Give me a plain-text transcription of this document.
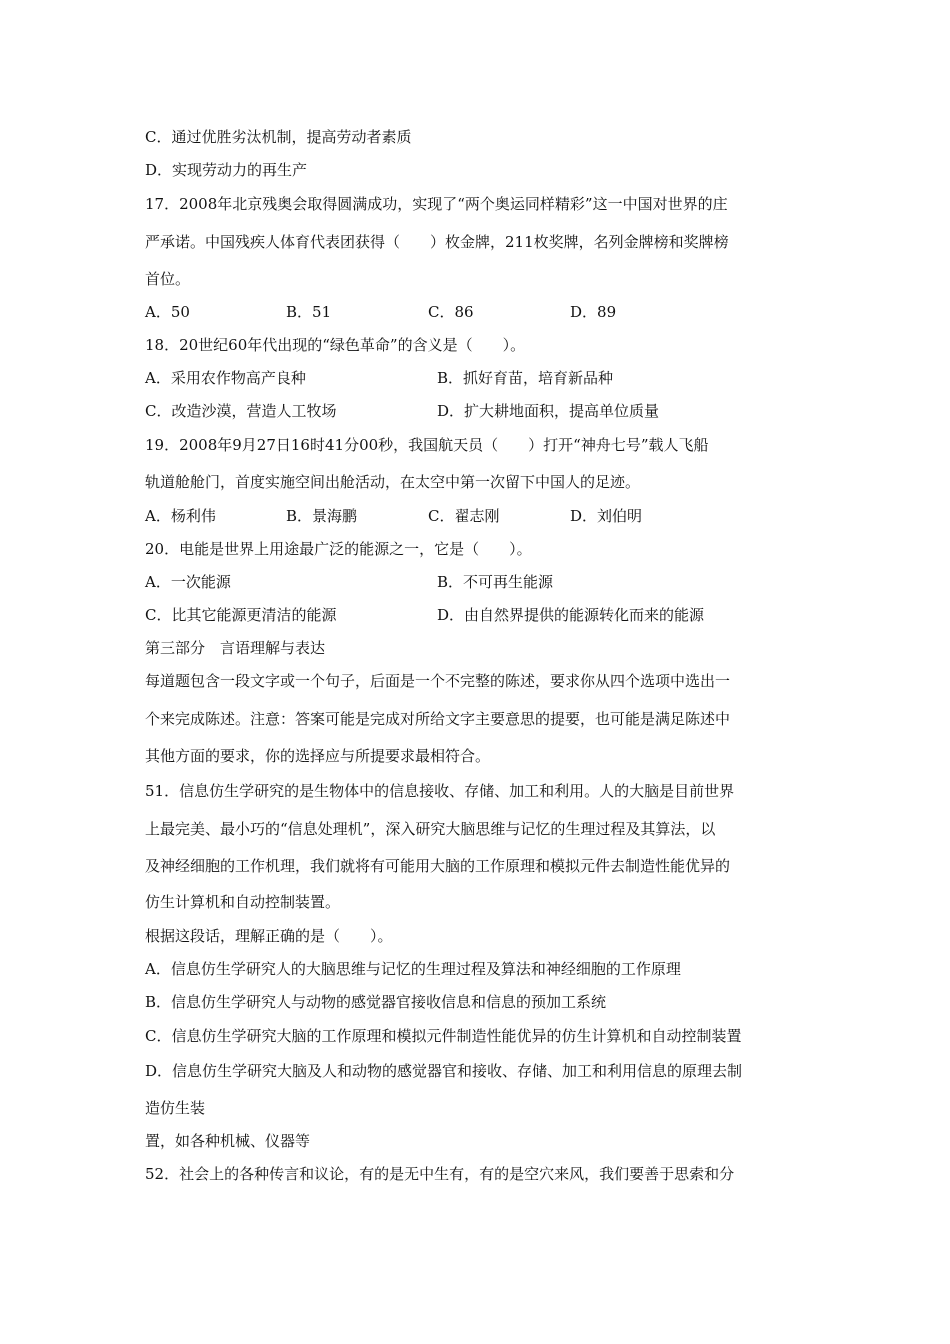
C．通过优胜劣汰机制，提高劳动者素质
D．实现劳动力的再生产
17．2008年北京残奥会取得圆满成功，实现了“两个奥运同样精彩”这一中国对世界的庄
严承诺。中国残疾人体育代表团获得（　　）枚金牌，211枚奖牌，名列金牌榜和奖牌榜
首位。
A．50	B．51	C．86	D．89
18．20世纪60年代出现的“绿色革命”的含义是（　　）。
A．采用农作物高产良种	B．抓好育苗，培育新品种
C．改造沙漠，营造人工牧场	D．扩大耕地面积，提高单位质量
19．2008年9月27日16时41分00秒，我国航天员（　　）打开“神舟七号”载人飞船
轨道舱舱门，首度实施空间出舱活动，在太空中第一次留下中国人的足迹。
A．杨利伟	B．景海鹏	C．翟志刚	D．刘伯明
20．电能是世界上用途最广泛的能源之一，它是（　　）。
A．一次能源	B．不可再生能源
C．比其它能源更清洁的能源	D．由自然界提供的能源转化而来的能源
第三部分　言语理解与表达
每道题包含一段文字或一个句子，后面是一个不完整的陈述，要求你从四个选项中选出一
个来完成陈述。注意：答案可能是完成对所给文字主要意思的提要，也可能是满足陈述中
其他方面的要求，你的选择应与所提要求最相符合。
51．信息仿生学研究的是生物体中的信息接收、存储、加工和利用。人的大脑是目前世界
上最完美、最小巧的“信息处理机”，深入研究大脑思维与记忆的生理过程及其算法，以
及神经细胞的工作机理，我们就将有可能用大脑的工作原理和模拟元件去制造性能优异的
仿生计算机和自动控制装置。
根据这段话，理解正确的是（　　）。
A．信息仿生学研究人的大脑思维与记忆的生理过程及算法和神经细胞的工作原理
B．信息仿生学研究人与动物的感觉器官接收信息和信息的预加工系统
C．信息仿生学研究大脑的工作原理和模拟元件制造性能优异的仿生计算机和自动控制装置
D．信息仿生学研究大脑及人和动物的感觉器官和接收、存储、加工和利用信息的原理去制
造仿生装
置，如各种机械、仪器等
52．社会上的各种传言和议论，有的是无中生有，有的是空穴来风，我们要善于思索和分
